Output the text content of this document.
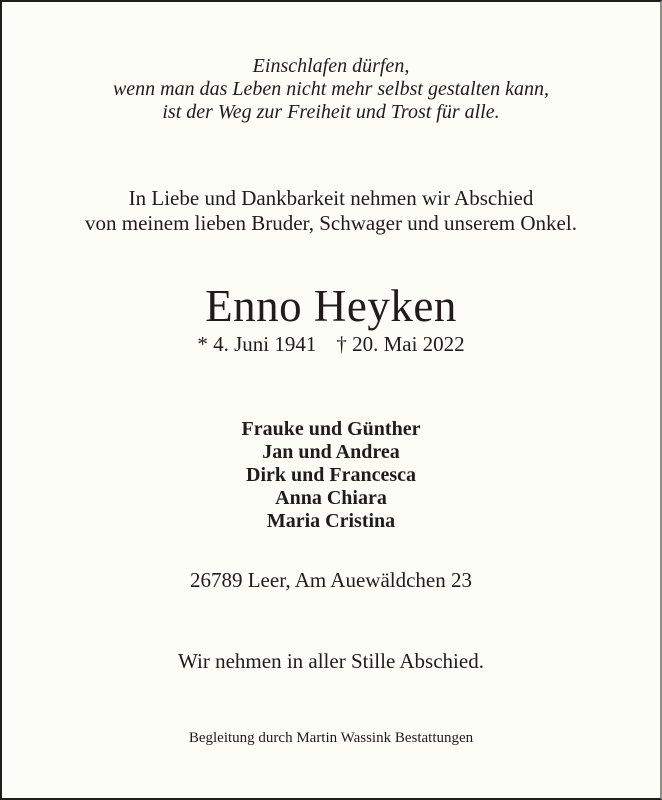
Einschlafen dürfen,
wenn man das Leben nicht mehr selbst gestalten kann,
ist der Weg zur Freiheit und Trost für alle.
In Liebe und Dankbarkeit nehmen wir Abschied
von meinem lieben Bruder, Schwager und unserem Onkel.
Enno Heyken
* 4. Juni 1941 † 20. Mai 2022
Frauke und Günther
Jan und Andrea
Dirk und Francesca
Anna Chiara
Maria Cristina
26789 Leer, Am Auewäldchen 23
Wir nehmen in aller Stille Abschied.
Begleitung durch Martin Wassink Bestattungen
